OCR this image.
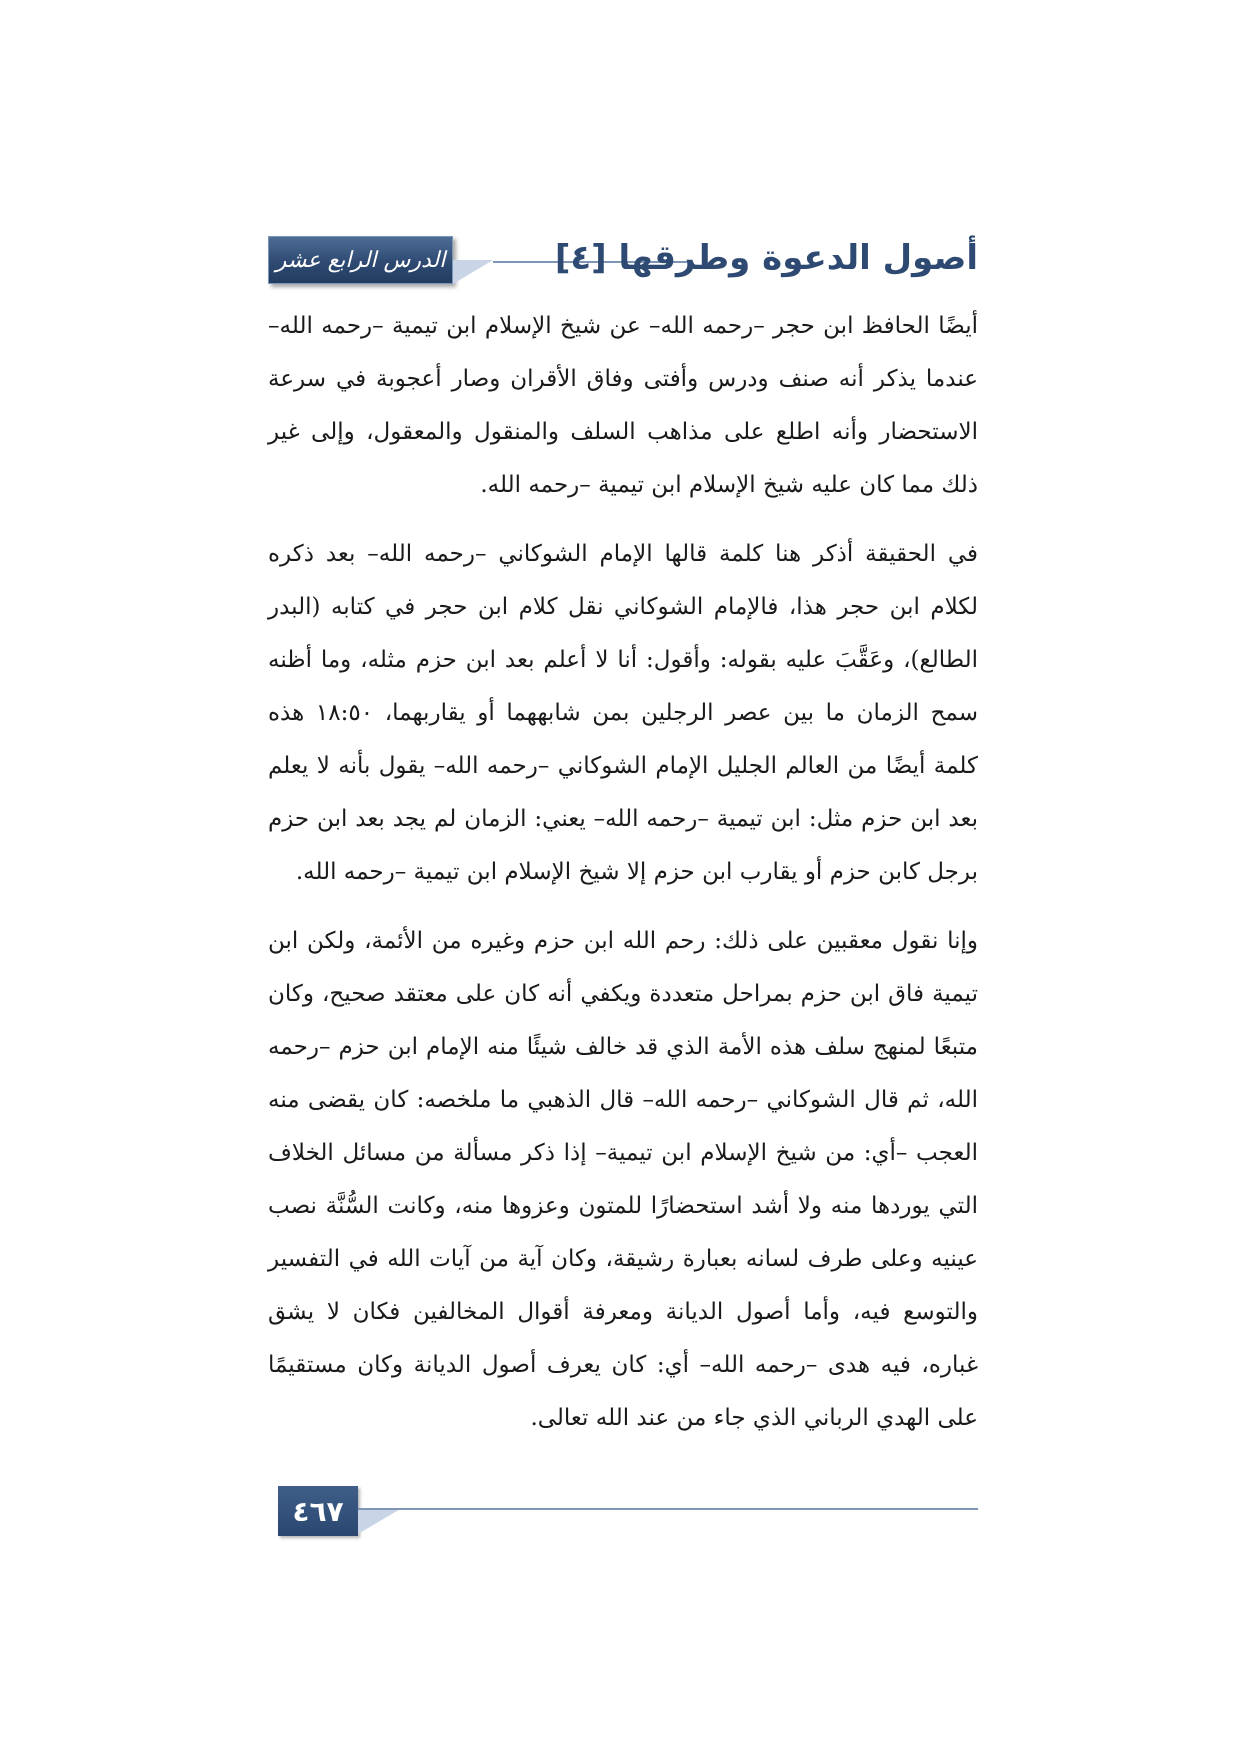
الدرس الرابع عشر	أصول الدعوة وطرقها [٤]

أيضًا الحافظ ابن حجر –رحمه الله– عن شيخ الإسلام ابن تيمية –رحمه الله– عندما يذكر أنه صنف ودرس وأفتى وفاق الأقران وصار أعجوبة في سرعة الاستحضار وأنه اطلع على مذاهب السلف والمنقول والمعقول، وإلى غير ذلك مما كان عليه شيخ الإسلام ابن تيمية –رحمه الله.

في الحقيقة أذكر هنا كلمة قالها الإمام الشوكاني –رحمه الله– بعد ذكره لكلام ابن حجر هذا، فالإمام الشوكاني نقل كلام ابن حجر في كتابه (البدر الطالع)، وعَقَّبَ عليه بقوله: وأقول: أنا لا أعلم بعد ابن حزم مثله، وما أظنه سمح الزمان ما بين عصر الرجلين بمن شابههما أو يقاربهما، ١٨:٥٠ هذه كلمة أيضًا من العالم الجليل الإمام الشوكاني –رحمه الله– يقول بأنه لا يعلم بعد ابن حزم مثل: ابن تيمية –رحمه الله– يعني: الزمان لم يجد بعد ابن حزم برجل كابن حزم أو يقارب ابن حزم إلا شيخ الإسلام ابن تيمية –رحمه الله.

وإنا نقول معقبين على ذلك: رحم الله ابن حزم وغيره من الأئمة، ولكن ابن تيمية فاق ابن حزم بمراحل متعددة ويكفي أنه كان على معتقد صحيح، وكان متبعًا لمنهج سلف هذه الأمة الذي قد خالف شيئًا منه الإمام ابن حزم –رحمه الله، ثم قال الشوكاني –رحمه الله– قال الذهبي ما ملخصه: كان يقضى منه العجب –أي: من شيخ الإسلام ابن تيمية– إذا ذكر مسألة من مسائل الخلاف التي يوردها منه ولا أشد استحضارًا للمتون وعزوها منه، وكانت السُّنَّة نصب عينيه وعلى طرف لسانه بعبارة رشيقة، وكان آية من آيات الله في التفسير والتوسع فيه، وأما أصول الديانة ومعرفة أقوال المخالفين فكان لا يشق غباره، فيه هدى –رحمه الله– أي: كان يعرف أصول الديانة وكان مستقيمًا على الهدي الرباني الذي جاء من عند الله تعالى.

٤٦٧
